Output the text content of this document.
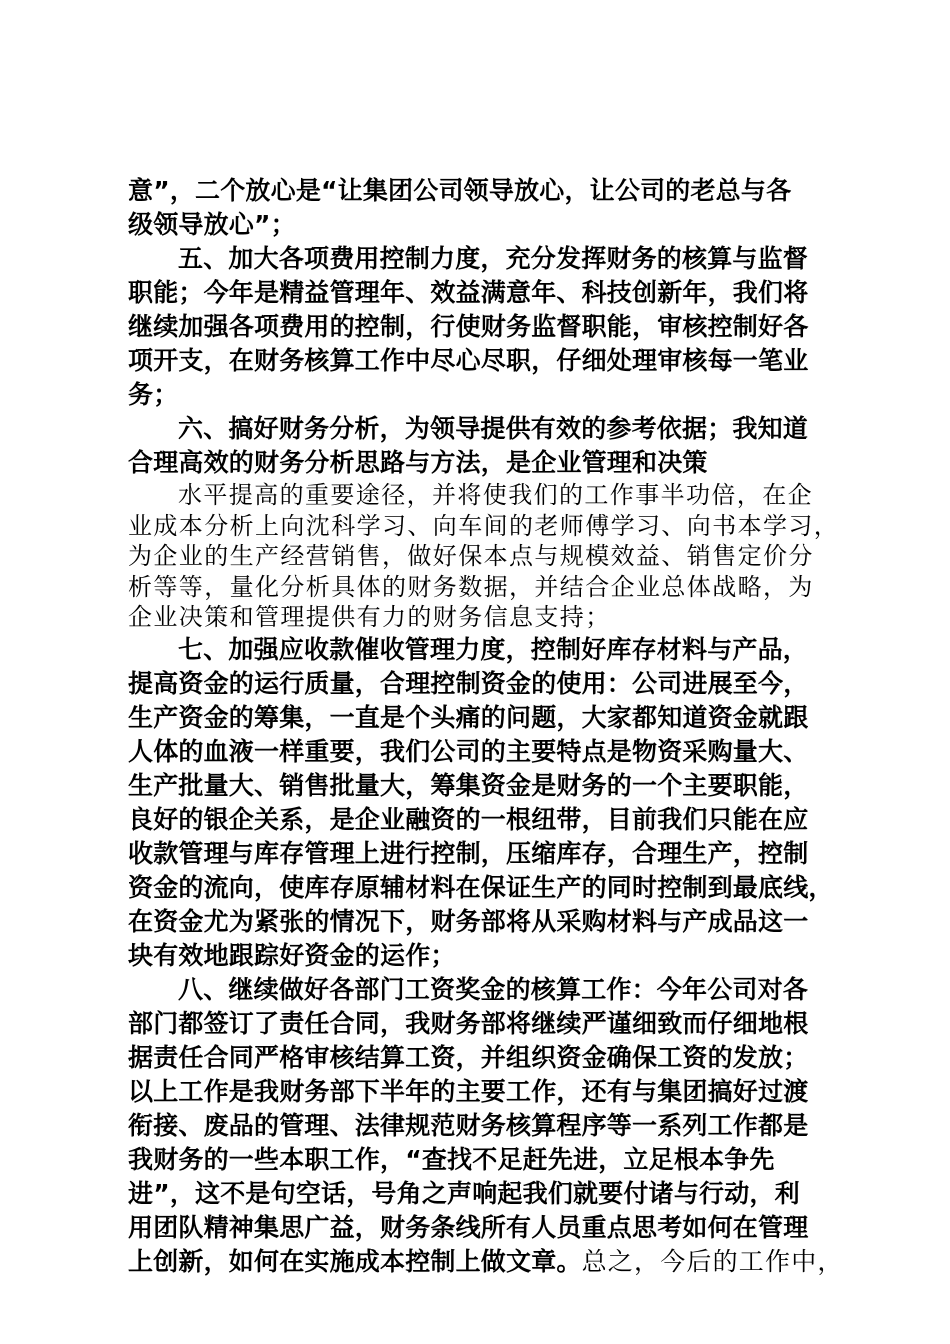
意”，二个放心是“让集团公司领导放心，让公司的老总与各
级领导放心”；
五、加大各项费用控制力度，充分发挥财务的核算与监督
职能；今年是精益管理年、效益满意年、科技创新年，我们将
继续加强各项费用的控制，行使财务监督职能，审核控制好各
项开支，在财务核算工作中尽心尽职，仔细处理审核每一笔业
务；
六、搞好财务分析，为领导提供有效的参考依据；我知道
合理高效的财务分析思路与方法，是企业管理和决策
水平提高的重要途径，并将使我们的工作事半功倍，在企
业成本分析上向沈科学习、向车间的老师傅学习、向书本学习，
为企业的生产经营销售，做好保本点与规模效益、销售定价分
析等等，量化分析具体的财务数据，并结合企业总体战略，为
企业决策和管理提供有力的财务信息支持；
七、加强应收款催收管理力度，控制好库存材料与产品，
提高资金的运行质量，合理控制资金的使用：公司进展至今，
生产资金的筹集，一直是个头痛的问题，大家都知道资金就跟
人体的血液一样重要，我们公司的主要特点是物资采购量大、
生产批量大、销售批量大，筹集资金是财务的一个主要职能，
良好的银企关系，是企业融资的一根纽带，目前我们只能在应
收款管理与库存管理上进行控制，压缩库存，合理生产，控制
资金的流向，使库存原辅材料在保证生产的同时控制到最底线，
在资金尤为紧张的情况下，财务部将从采购材料与产成品这一
块有效地跟踪好资金的运作；
八、继续做好各部门工资奖金的核算工作：今年公司对各
部门都签订了责任合同，我财务部将继续严谨细致而仔细地根
据责任合同严格审核结算工资，并组织资金确保工资的发放；
以上工作是我财务部下半年的主要工作，还有与集团搞好过渡
衔接、废品的管理、法律规范财务核算程序等一系列工作都是
我财务的一些本职工作，“查找不足赶先进，立足根本争先
进”，这不是句空话，号角之声响起我们就要付诸与行动，利
用团队精神集思广益，财务条线所有人员重点思考如何在管理
上创新，如何在实施成本控制上做文章。总之，今后的工作中，
